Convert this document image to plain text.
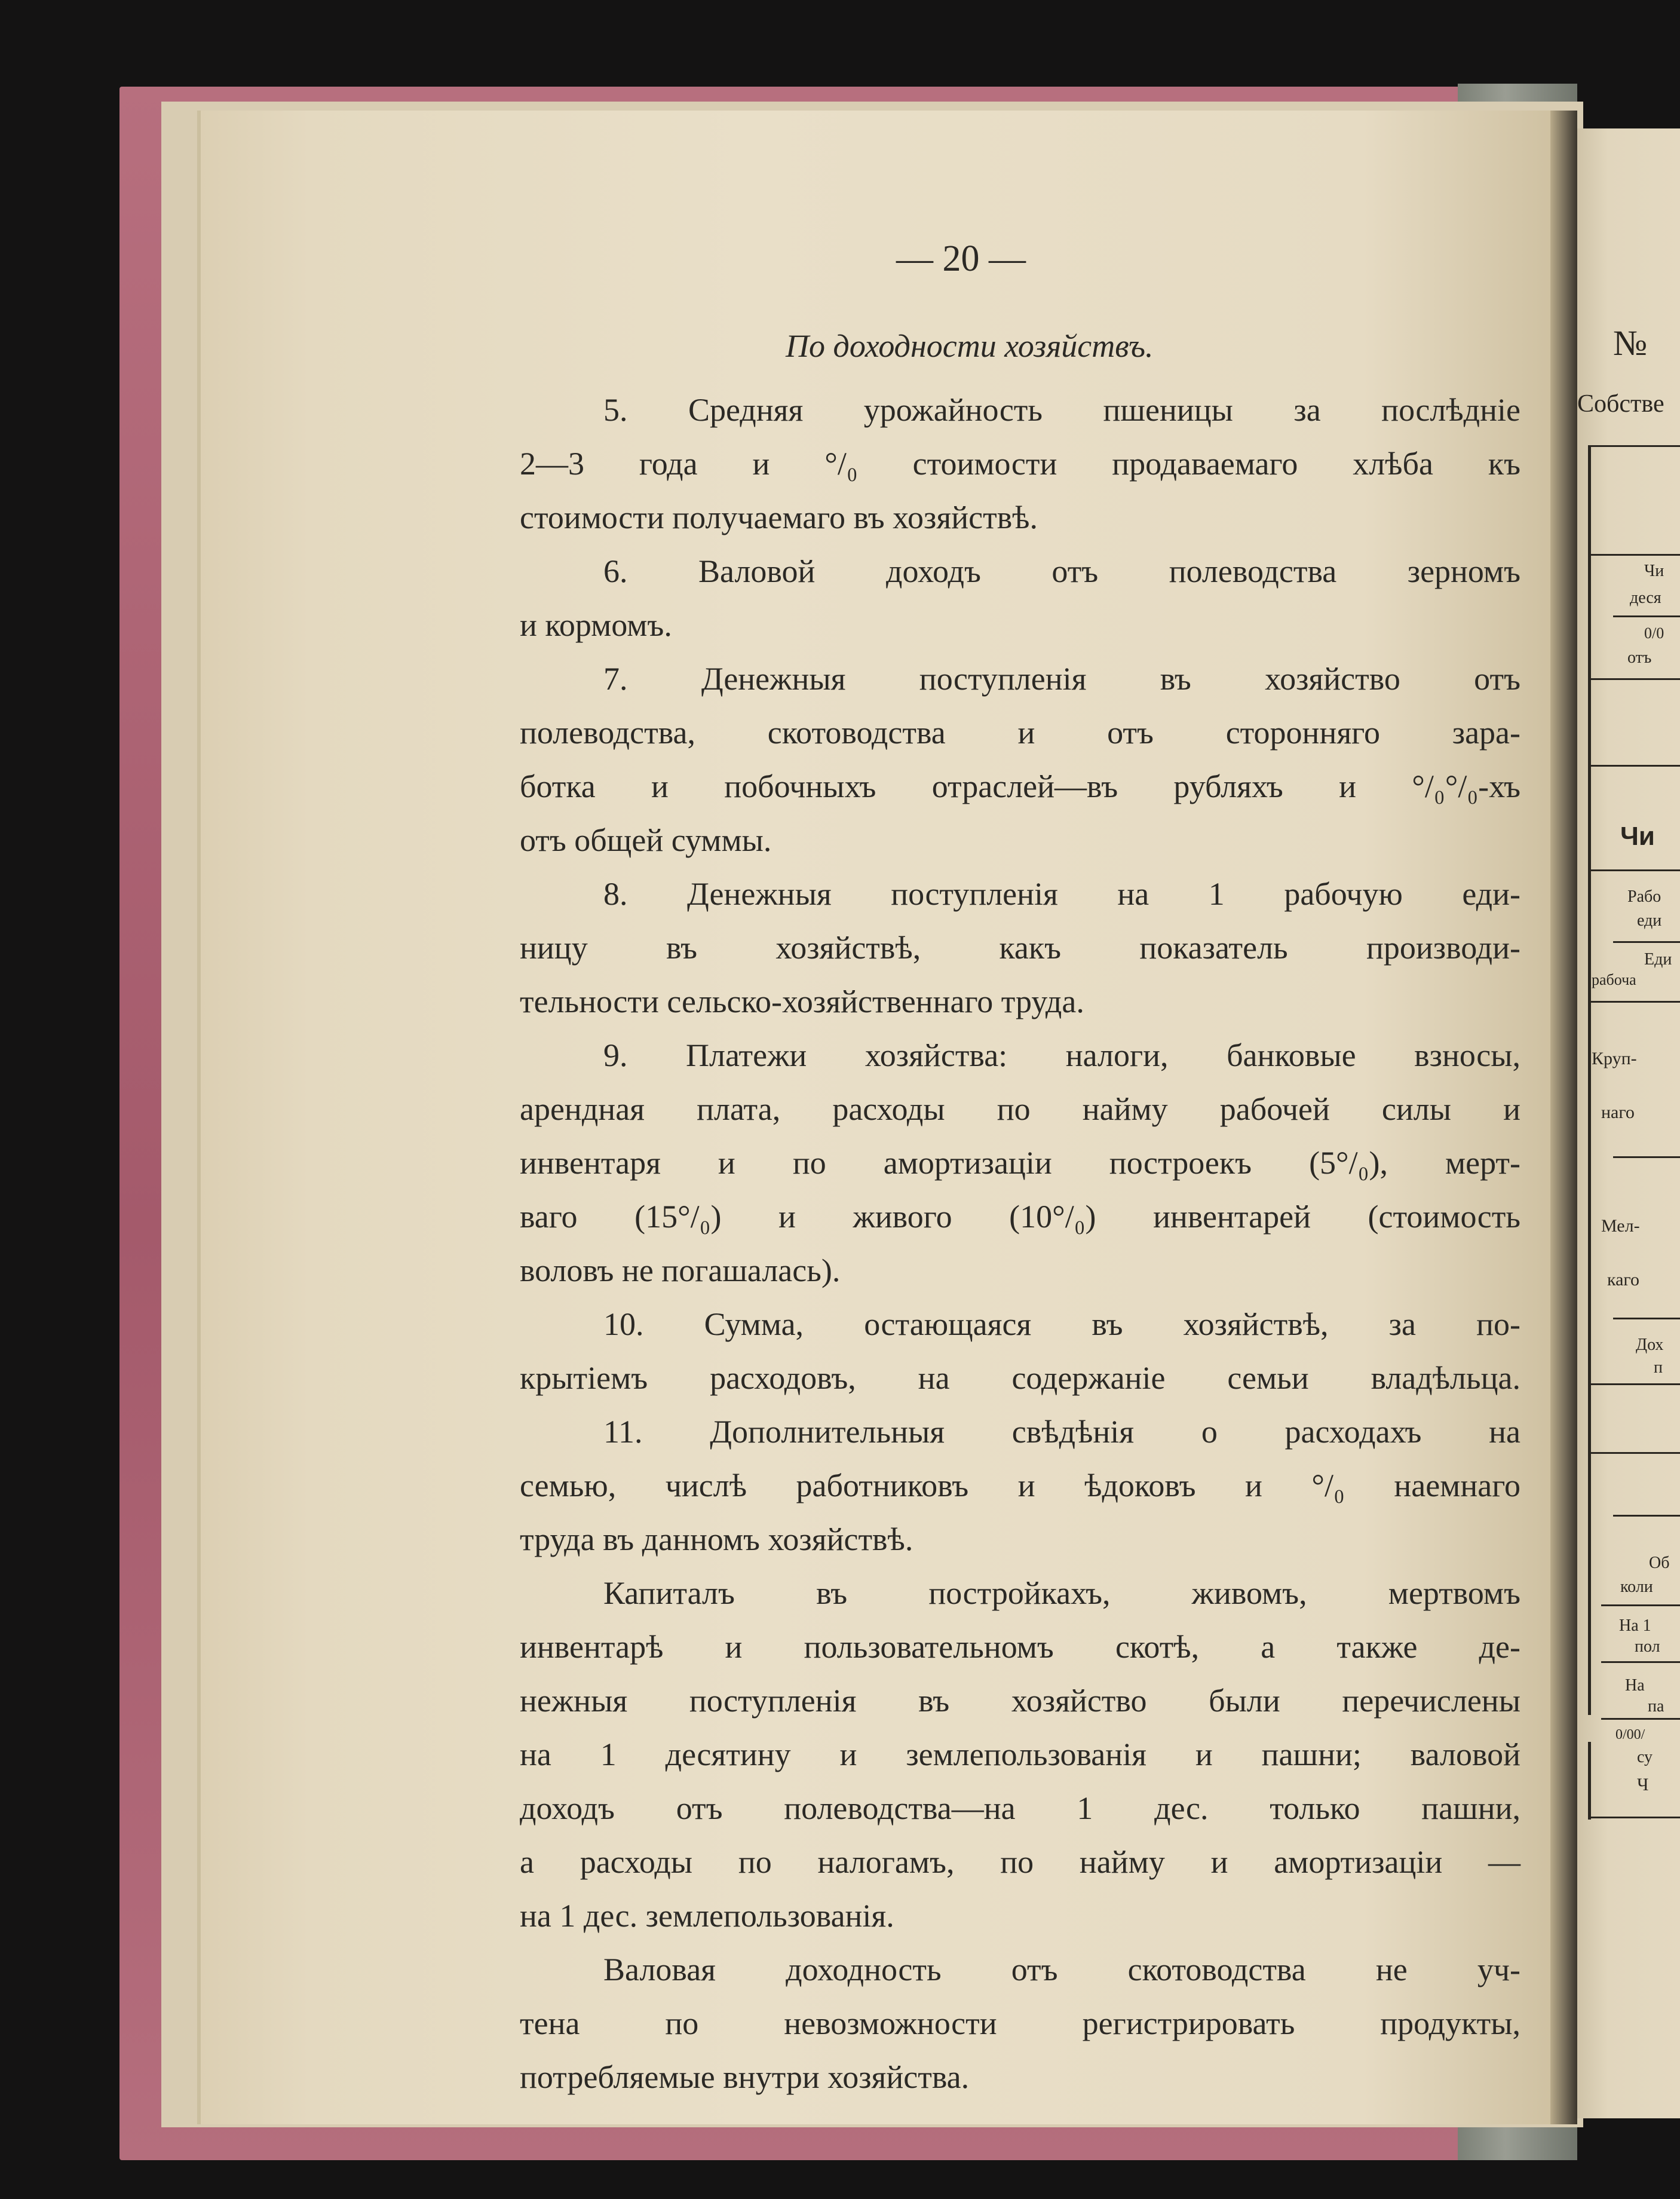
— 20 —
По доходности хозяйствъ.
5. Средняя урожайность пшеницы за послѣдніе
2—3 года и °/₀ стоимости продаваемаго хлѣба къ
стоимости получаемаго въ хозяйствѣ.
6. Валовой доходъ отъ полеводства зерномъ
и кормомъ.
7. Денежныя поступленія въ хозяйство отъ
полеводства, скотоводства и отъ сторонняго зара-
ботка и побочныхъ отраслей—въ рубляхъ и °/₀°/₀-хъ
отъ общей суммы.
8. Денежныя поступленія на 1 рабочую еди-
ницу въ хозяйствѣ, какъ показатель производи-
тельности сельско-хозяйственнаго труда.
9. Платежи хозяйства: налоги, банковые взносы,
арендная плата, расходы по найму рабочей силы и
инвентаря и по амортизаціи построекъ (5°/₀), мерт-
ваго (15°/₀) и живого (10°/₀) инвентарей (стоимость
воловъ не погашалась).
10. Сумма, остающаяся въ хозяйствѣ, за по-
крытіемъ расходовъ, на содержаніе семьи владѣльца.
11. Дополнительныя свѣдѣнія о расходахъ на
семью, числѣ работниковъ и ѣдоковъ и °/₀ наемнаго
труда въ данномъ хозяйствѣ.
Капиталъ въ постройкахъ, живомъ, мертвомъ
инвентарѣ и пользовательномъ скотѣ, а также де-
нежныя поступленія въ хозяйство были перечислены
на 1 десятину и землепользованія и пашни; валовой
доходъ отъ полеводства—на 1 дес. только пашни,
а расходы по налогамъ, по найму и амортизаціи —
на 1 дес. землепользованія.
Валовая доходность отъ скотоводства не уч-
тена по невозможности регистрировать продукты,
потребляемые внутри хозяйства.
№
Собстве
Чи
деся
0/0
отъ
Чи
Рабо
еди
Еди
рабоча
Круп-
наго
Мел-
каго
Дох
п
Об
коли
На 1
пол
На
па
0/00/
су
Ч
